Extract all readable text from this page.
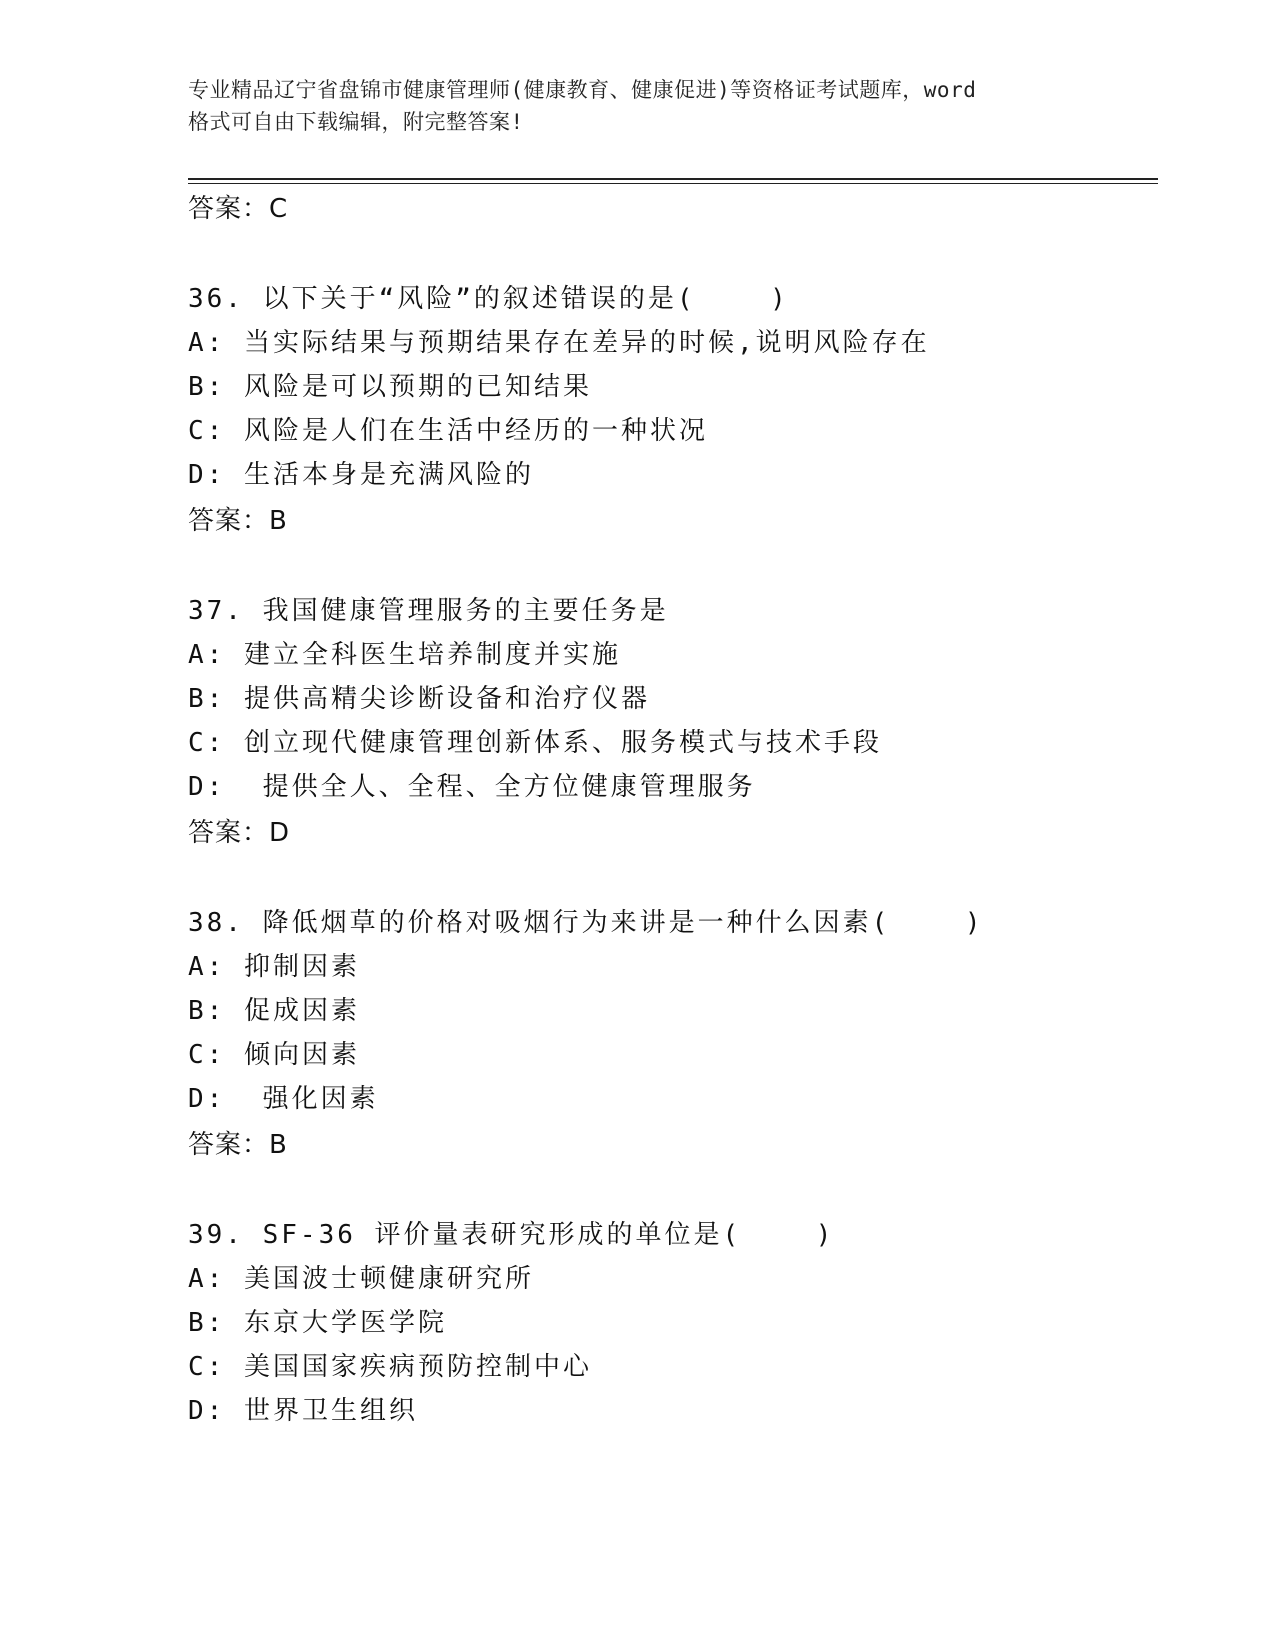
专业精品辽宁省盘锦市健康管理师(健康教育、健康促进)等资格证考试题库，word
格式可自由下载编辑，附完整答案!
答案：C
36. 以下关于“风险”的叙述错误的是(    )
A: 当实际结果与预期结果存在差异的时候,说明风险存在
B: 风险是可以预期的已知结果
C: 风险是人们在生活中经历的一种状况
D: 生活本身是充满风险的
答案：B
37. 我国健康管理服务的主要任务是
A: 建立全科医生培养制度并实施
B: 提供高精尖诊断设备和治疗仪器
C: 创立现代健康管理创新体系、服务模式与技术手段
D:  提供全人、全程、全方位健康管理服务
答案：D
38. 降低烟草的价格对吸烟行为来讲是一种什么因素(    )
A: 抑制因素
B: 促成因素
C: 倾向因素
D:  强化因素
答案：B
39. SF-36 评价量表研究形成的单位是(    )
A: 美国波士顿健康研究所
B: 东京大学医学院
C: 美国国家疾病预防控制中心
D: 世界卫生组织
